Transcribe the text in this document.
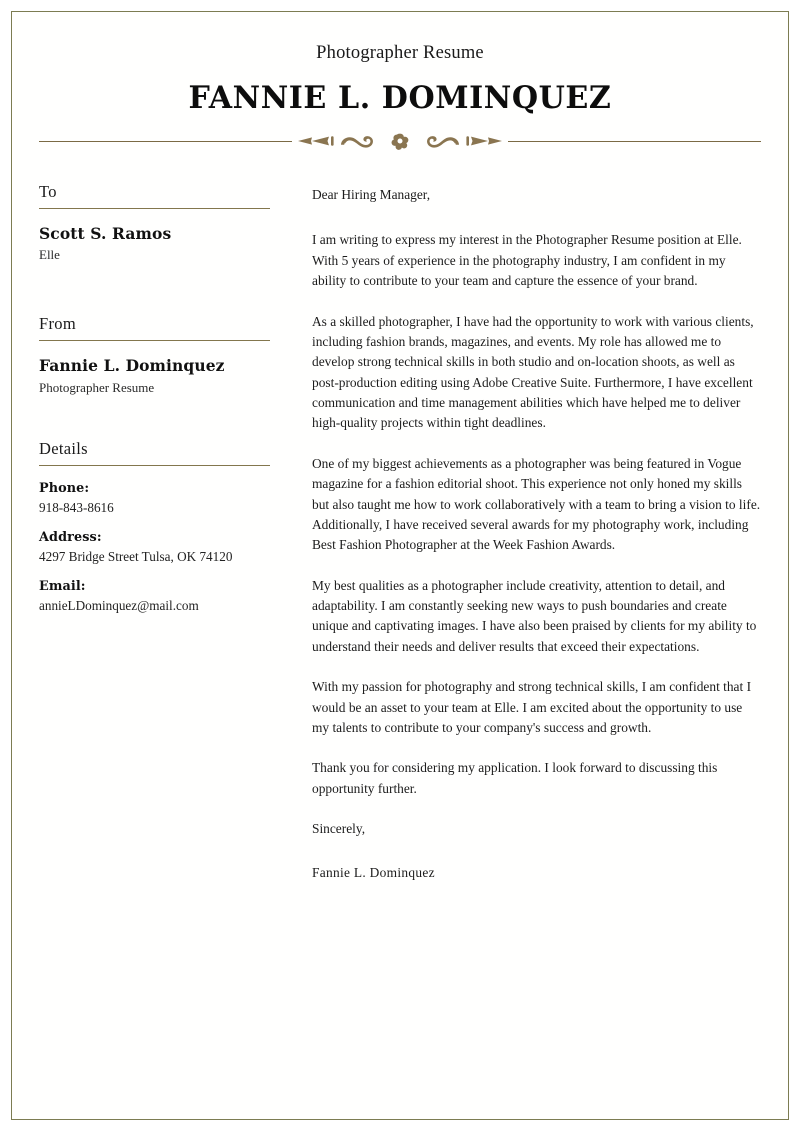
Photographer Resume
FANNIE L. DOMINQUEZ
To
Scott S. Ramos
Elle
From
Fannie L. Dominquez
Photographer Resume
Details
Phone:
918-843-8616
Address:
4297 Bridge Street Tulsa, OK 74120
Email:
annieLDominquez@mail.com

Dear Hiring Manager,

I am writing to express my interest in the Photographer Resume position at Elle. With 5 years of experience in the photography industry, I am confident in my ability to contribute to your team and capture the essence of your brand.

As a skilled photographer, I have had the opportunity to work with various clients, including fashion brands, magazines, and events. My role has allowed me to develop strong technical skills in both studio and on-location shoots, as well as post-production editing using Adobe Creative Suite. Furthermore, I have excellent communication and time management abilities which have helped me to deliver high-quality projects within tight deadlines.

One of my biggest achievements as a photographer was being featured in Vogue magazine for a fashion editorial shoot. This experience not only honed my skills but also taught me how to work collaboratively with a team to bring a vision to life. Additionally, I have received several awards for my photography work, including Best Fashion Photographer at the Week Fashion Awards.

My best qualities as a photographer include creativity, attention to detail, and adaptability. I am constantly seeking new ways to push boundaries and create unique and captivating images. I have also been praised by clients for my ability to understand their needs and deliver results that exceed their expectations.

With my passion for photography and strong technical skills, I am confident that I would be an asset to your team at Elle. I am excited about the opportunity to use my talents to contribute to your company's success and growth.

Thank you for considering my application. I look forward to discussing this opportunity further.

Sincerely,

Fannie L. Dominquez
